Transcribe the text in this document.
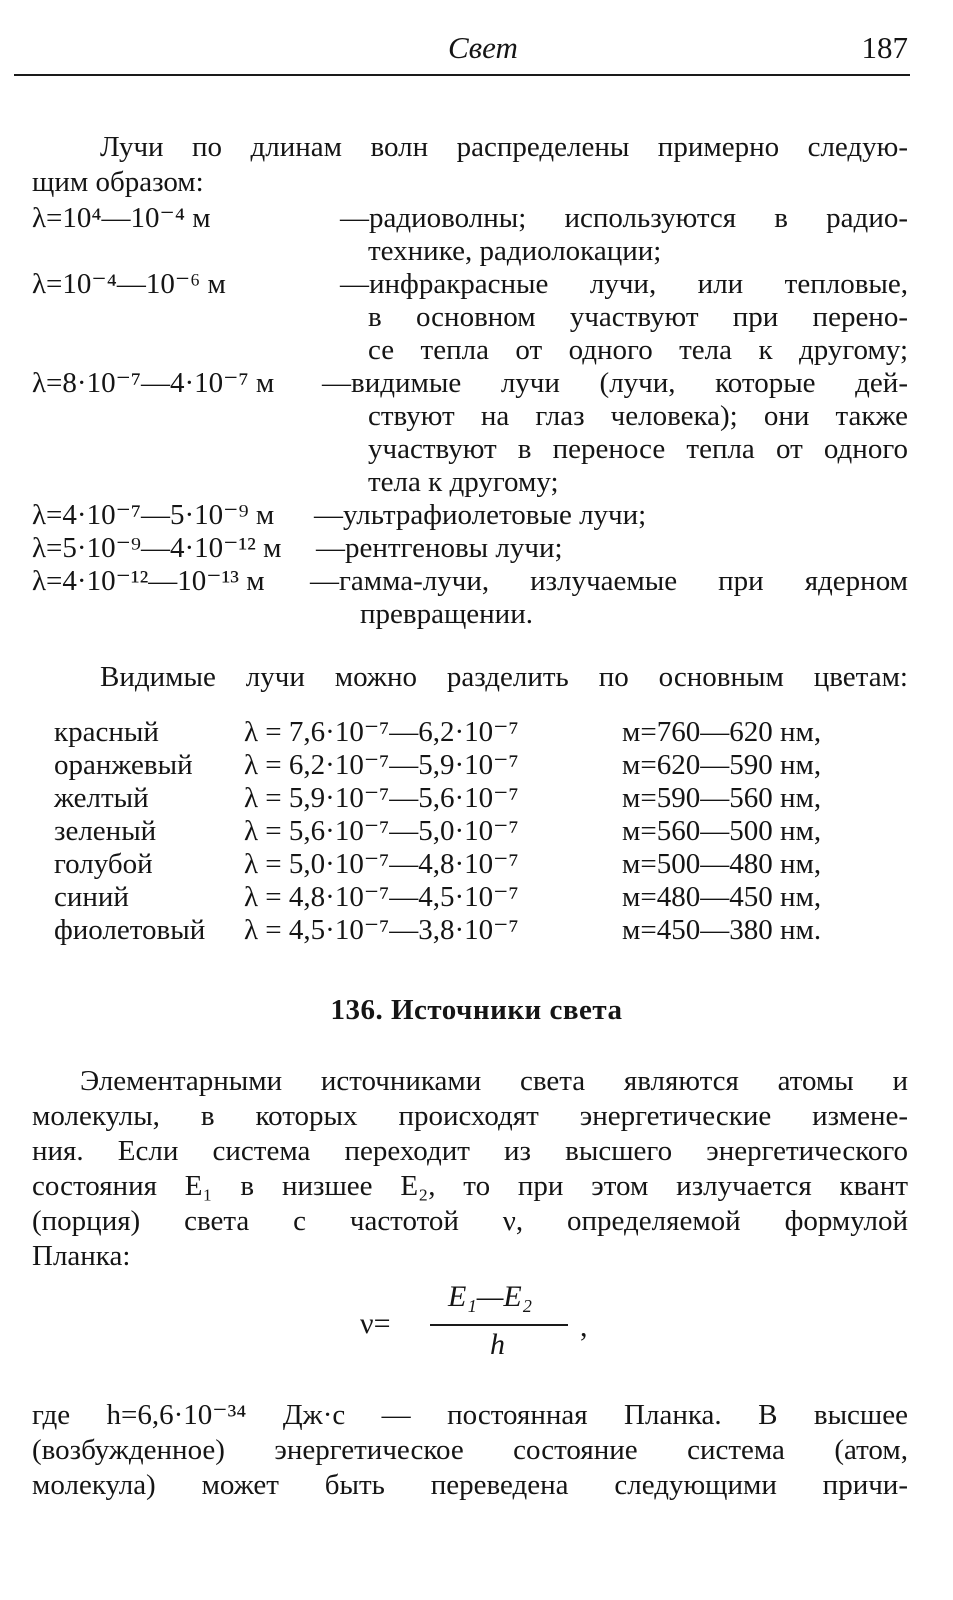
Свет	187
Лучи по длинам волн распределены примерно следую-
щим образом:
λ=10⁴—10⁻⁴ м	—радиоволны; используются в радио-
технике, радиолокации;
λ=10⁻⁴—10⁻⁶ м	—инфракрасные лучи, или тепловые,
в основном участвуют при перено-
се тепла от одного тела к другому;
λ=8·10⁻⁷—4·10⁻⁷ м —видимые лучи (лучи, которые дей-
ствуют на глаз человека); они также
участвуют в переносе тепла от одного
тела к другому;
λ=4·10⁻⁷—5·10⁻⁹ м —ультрафиолетовые лучи;
λ=5·10⁻⁹—4·10⁻¹² м —рентгеновы лучи;
λ=4·10⁻¹²—10⁻¹³ м —гамма-лучи, излучаемые при ядерном
превращении.
Видимые лучи можно разделить по основным цветам:
красный	λ = 7,6·10⁻⁷—6,2·10⁻⁷	м=760—620 нм,
оранжевый λ = 6,2·10⁻⁷—5,9·10⁻⁷	м=620—590 нм,
желтый	λ = 5,9·10⁻⁷—5,6·10⁻⁷	м=590—560 нм,
зеленый	λ = 5,6·10⁻⁷—5,0·10⁻⁷	м=560—500 нм,
голубой	λ = 5,0·10⁻⁷—4,8·10⁻⁷	м=500—480 нм,
синий	λ = 4,8·10⁻⁷—4,5·10⁻⁷	м=480—450 нм,
фиолетовый λ = 4,5·10⁻⁷—3,8·10⁻⁷	м=450—380 нм.
136. Источники света
Элементарными источниками света являются атомы и
молекулы, в которых происходят энергетические измене-
ния. Если система переходит из высшего энергетического
состояния E₁ в низшее E₂, то при этом излучается квант
(порция) света с частотой ν, определяемой формулой
Планка:
ν=
E₁—E₂
h
,
где h=6,6·10⁻³⁴ Дж·с — постоянная Планка. В высшее
(возбужденное) энергетическое состояние система (атом,
молекула) может быть переведена следующими причи-
